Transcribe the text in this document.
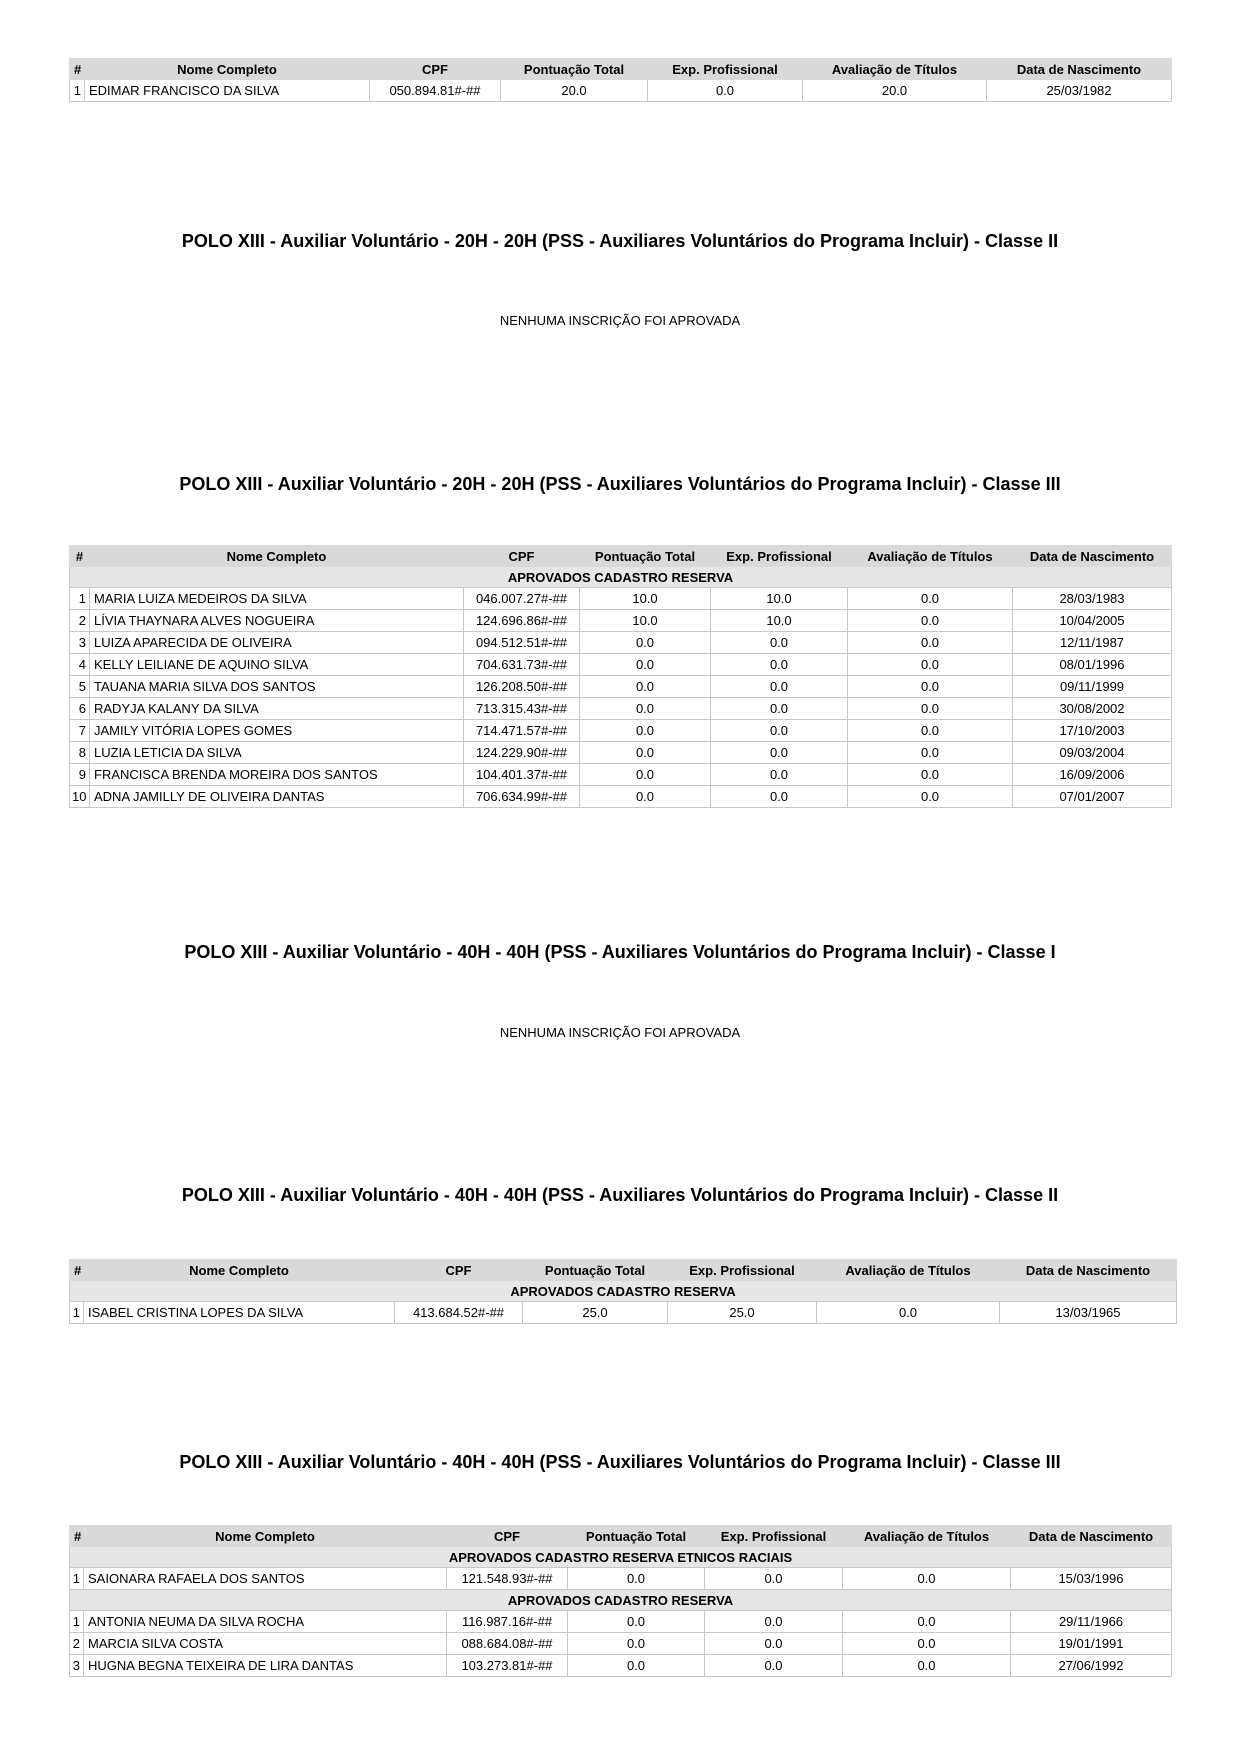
#	Nome Completo	CPF	Pontuação Total	Exp. Profissional	Avaliação de Títulos	Data de Nascimento
1	EDIMAR FRANCISCO DA SILVA	050.894.81#-##	20.0	0.0	20.0	25/03/1982
POLO XIII - Auxiliar Voluntário - 20H - 20H (PSS - Auxiliares Voluntários do Programa Incluir) - Classe II

NENHUMA INSCRIÇÃO FOI APROVADA

POLO XIII - Auxiliar Voluntário - 20H - 20H (PSS - Auxiliares Voluntários do Programa Incluir) - Classe III
#	Nome Completo	CPF	Pontuação Total	Exp. Profissional	Avaliação de Títulos	Data de Nascimento
APROVADOS CADASTRO RESERVA						
1	MARIA LUIZA MEDEIROS DA SILVA	046.007.27#-##	10.0	10.0	0.0	28/03/1983
2	LÍVIA THAYNARA ALVES NOGUEIRA	124.696.86#-##	10.0	10.0	0.0	10/04/2005
3	LUIZA APARECIDA DE OLIVEIRA	094.512.51#-##	0.0	0.0	0.0	12/11/1987
4	KELLY LEILIANE DE AQUINO SILVA	704.631.73#-##	0.0	0.0	0.0	08/01/1996
5	TAUANA MARIA SILVA DOS SANTOS	126.208.50#-##	0.0	0.0	0.0	09/11/1999
6	RADYJA KALANY DA SILVA	713.315.43#-##	0.0	0.0	0.0	30/08/2002
7	JAMILY VITÓRIA LOPES GOMES	714.471.57#-##	0.0	0.0	0.0	17/10/2003
8	LUZIA LETICIA DA SILVA	124.229.90#-##	0.0	0.0	0.0	09/03/2004
9	FRANCISCA BRENDA MOREIRA DOS SANTOS	104.401.37#-##	0.0	0.0	0.0	16/09/2006
10	ADNA JAMILLY DE OLIVEIRA DANTAS	706.634.99#-##	0.0	0.0	0.0	07/01/2007
POLO XIII - Auxiliar Voluntário - 40H - 40H (PSS - Auxiliares Voluntários do Programa Incluir) - Classe I

NENHUMA INSCRIÇÃO FOI APROVADA

POLO XIII - Auxiliar Voluntário - 40H - 40H (PSS - Auxiliares Voluntários do Programa Incluir) - Classe II
#	Nome Completo	CPF	Pontuação Total	Exp. Profissional	Avaliação de Títulos	Data de Nascimento
APROVADOS CADASTRO RESERVA						
1	ISABEL CRISTINA LOPES DA SILVA	413.684.52#-##	25.0	25.0	0.0	13/03/1965
POLO XIII - Auxiliar Voluntário - 40H - 40H (PSS - Auxiliares Voluntários do Programa Incluir) - Classe III
#	Nome Completo	CPF	Pontuação Total	Exp. Profissional	Avaliação de Títulos	Data de Nascimento
APROVADOS CADASTRO RESERVA ETNICOS RACIAIS						
1	SAIONARA RAFAELA DOS SANTOS	121.548.93#-##	0.0	0.0	0.0	15/03/1996
APROVADOS CADASTRO RESERVA						
1	ANTONIA NEUMA DA SILVA ROCHA	116.987.16#-##	0.0	0.0	0.0	29/11/1966
2	MARCIA SILVA COSTA	088.684.08#-##	0.0	0.0	0.0	19/01/1991
3	HUGNA BEGNA TEIXEIRA DE LIRA DANTAS	103.273.81#-##	0.0	0.0	0.0	27/06/1992
